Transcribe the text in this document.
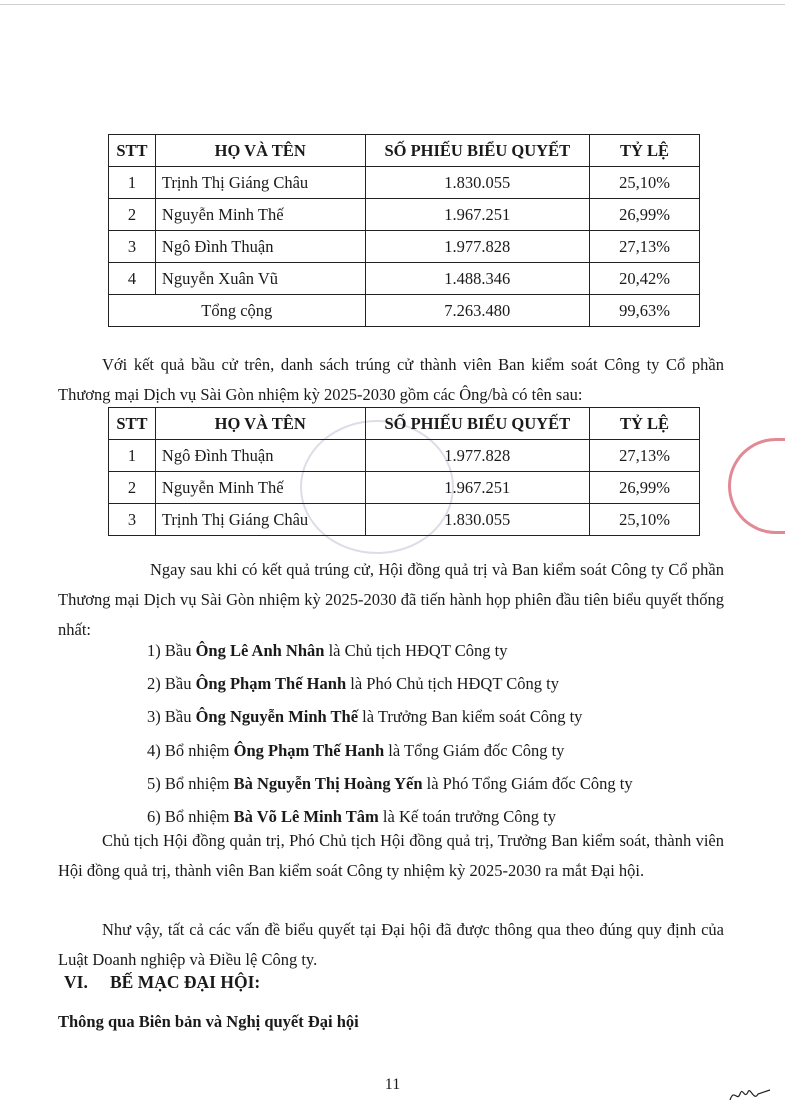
STT	HỌ VÀ TÊN	SỐ PHIẾU BIỂU QUYẾT	TỶ LỆ
1	Trịnh Thị Giáng Châu	1.830.055	25,10%
2	Nguyễn Minh Thế	1.967.251	26,99%
3	Ngô Đình Thuận	1.977.828	27,13%
4	Nguyễn Xuân Vũ	1.488.346	20,42%
Tổng cộng		7.263.480	99,63%
Với kết quả bầu cử trên, danh sách trúng cử thành viên Ban kiểm soát Công ty Cổ phần Thương mại Dịch vụ Sài Gòn nhiệm kỳ 2025-2030 gồm các Ông/bà có tên sau:
STT	HỌ VÀ TÊN	SỐ PHIẾU BIỂU QUYẾT	TỶ LỆ
1	Ngô Đình Thuận	1.977.828	27,13%
2	Nguyễn Minh Thế	1.967.251	26,99%
3	Trịnh Thị Giáng Châu	1.830.055	25,10%
Ngay sau khi có kết quả trúng cử, Hội đồng quả trị và Ban kiểm soát Công ty Cổ phần Thương mại Dịch vụ Sài Gòn nhiệm kỳ 2025-2030 đã tiến hành họp phiên đầu tiên biểu quyết thống nhất:
1) Bầu Ông Lê Anh Nhân là Chủ tịch HĐQT Công ty
2) Bầu Ông Phạm Thế Hanh là Phó Chủ tịch HĐQT Công ty
3) Bầu Ông Nguyễn Minh Thế là Trưởng Ban kiểm soát Công ty
4) Bổ nhiệm Ông Phạm Thế Hanh là Tổng Giám đốc Công ty
5) Bổ nhiệm Bà Nguyễn Thị Hoàng Yến là Phó Tổng Giám đốc Công ty
6) Bổ nhiệm Bà Võ Lê Minh Tâm là Kế toán trưởng Công ty
Chủ tịch Hội đồng quản trị, Phó Chủ tịch Hội đồng quả trị, Trưởng Ban kiểm soát, thành viên Hội đồng quả trị, thành viên Ban kiểm soát Công ty nhiệm kỳ 2025-2030 ra mắt Đại hội.
Như vậy, tất cả các vấn đề biểu quyết tại Đại hội đã được thông qua theo đúng quy định của Luật Doanh nghiệp và Điều lệ Công ty.
VI. BẾ MẠC ĐẠI HỘI:
Thông qua Biên bản và Nghị quyết Đại hội
11
